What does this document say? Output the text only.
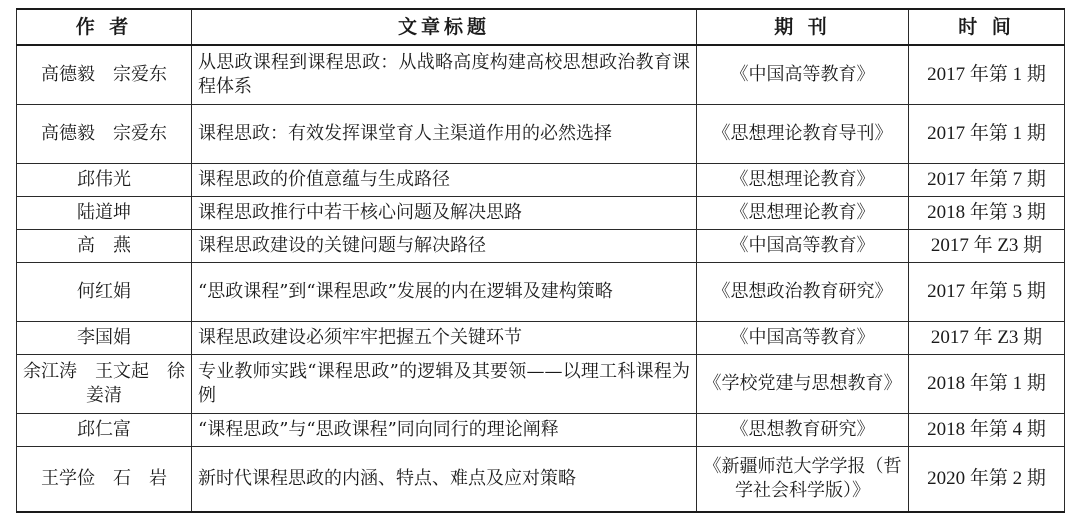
作 者	文章标题	期 刊	时 间
高德毅　宗爱东	从思政课程到课程思政：从战略高度构建高校思想政治教育课程体系	《中国高等教育》	2017 年第 1 期
高德毅　宗爱东	课程思政：有效发挥课堂育人主渠道作用的必然选择	《思想理论教育导刊》	2017 年第 1 期
邱伟光	课程思政的价值意蕴与生成路径	《思想理论教育》	2017 年第 7 期
陆道坤	课程思政推行中若干核心问题及解决思路	《思想理论教育》	2018 年第 3 期
高　燕	课程思政建设的关键问题与解决路径	《中国高等教育》	2017 年 Z3 期
何红娟	“思政课程”到“课程思政”发展的内在逻辑及建构策略	《思想政治教育研究》	2017 年第 5 期
李国娟	课程思政建设必须牢牢把握五个关键环节	《中国高等教育》	2017 年 Z3 期
余江涛　王文起　徐姜清	专业教师实践“课程思政”的逻辑及其要领——以理工科课程为例	《学校党建与思想教育》	2018 年第 1 期
邱仁富	“课程思政”与“思政课程”同向同行的理论阐释	《思想教育研究》	2018 年第 4 期
王学俭　石　岩	新时代课程思政的内涵、特点、难点及应对策略	《新疆师范大学学报（哲学社会科学版）》	2020 年第 2 期
